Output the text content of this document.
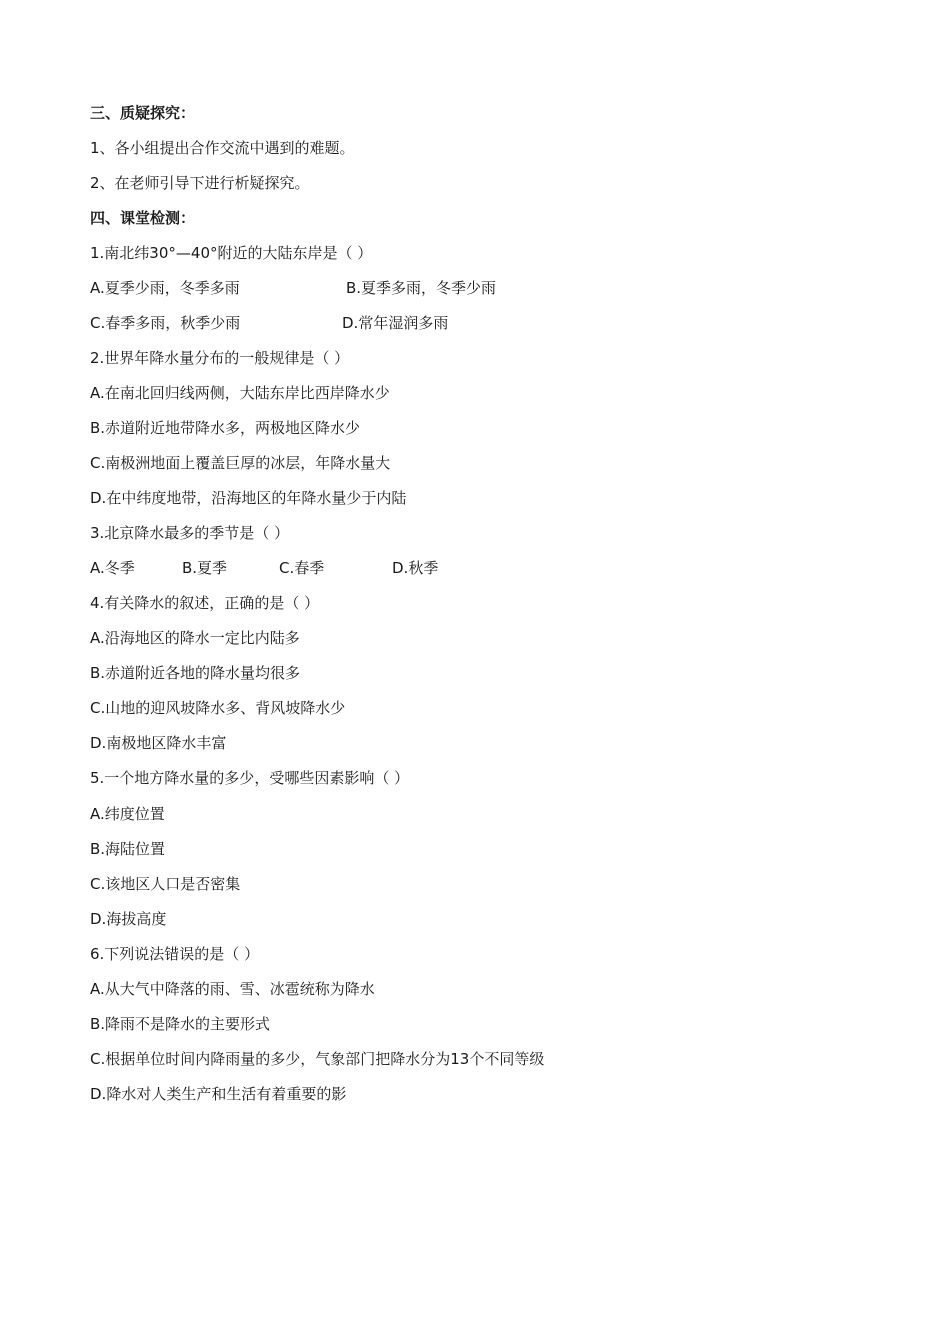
三、质疑探究：
1、各小组提出合作交流中遇到的难题。
2、在老师引导下进行析疑探究。
四、课堂检测：
1.南北纬30°—40°附近的大陆东岸是（ ）
A.夏季少雨，冬季多雨	B.夏季多雨，冬季少雨
C.春季多雨，秋季少雨	D.常年湿润多雨
2.世界年降水量分布的一般规律是（ ）
A.在南北回归线两侧，大陆东岸比西岸降水少
B.赤道附近地带降水多，两极地区降水少
C.南极洲地面上覆盖巨厚的冰层，年降水量大
D.在中纬度地带，沿海地区的年降水量少于内陆
3.北京降水最多的季节是（ ）
A.冬季	B.夏季	C.春季	D.秋季
4.有关降水的叙述，正确的是（ ）
A.沿海地区的降水一定比内陆多
B.赤道附近各地的降水量均很多
C.山地的迎风坡降水多、背风坡降水少
D.南极地区降水丰富
5.一个地方降水量的多少，受哪些因素影响（ ）
A.纬度位置
B.海陆位置
C.该地区人口是否密集
D.海拔高度
6.下列说法错误的是（ ）
A.从大气中降落的雨、雪、冰雹统称为降水
B.降雨不是降水的主要形式
C.根据单位时间内降雨量的多少，气象部门把降水分为13个不同等级
D.降水对人类生产和生活有着重要的影
